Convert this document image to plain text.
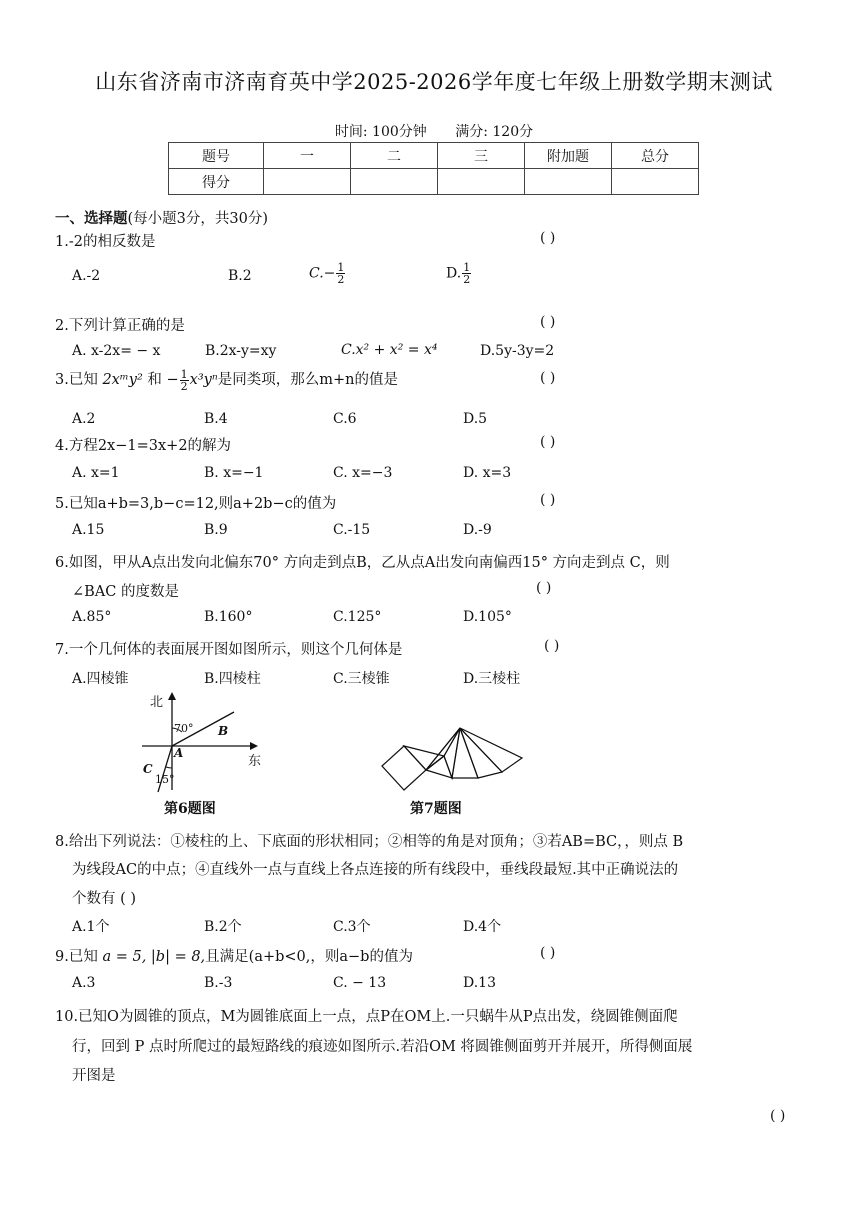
山东省济南市济南育英中学2025-2026学年度七年级上册数学期末测试
时间: 100分钟 满分: 120分
题号	一	二	三	附加题	总分
得分					
一、选择题(每小题3分，共30分)
1.-2的相反数是	( )
A.-2	B.2	$C.- \frac{1}{2}$	D. $\frac{1}{2}$
2.下列计算正确的是	( )
A. x-2x= − x	B.2x-y=xy	C.x² + x² = x⁴	D.5y-3y=2
3.已知 2xᵐy² 和 − $\frac{1}{2} x^3y^n$是同类项，那么m+n的值是	( )
A.2	B.4	C.6	D.5
4.方程2x−1=3x+2的解为	( )
A. x=1	B. x=−1	C. x=−3	D. x=3
5.已知a+b=3,b−c=12,则a+2b−c的值为	( )
A.15	B.9	C.-15	D.-9
6.如图，甲从A点出发向北偏东70° 方向走到点B，乙从点A出发向南偏西15° 方向走到点 C，则
∠BAC 的度数是	( )
A.85°	B.160°	C.125°	D.105°
7.一个几何体的表面展开图如图所示，则这个几何体是	( )
A.四棱锥	B.四棱柱	C.三棱锥	D.三棱柱
北
东
70°
15°
A
B
C
第6题图	第7题图
8.给出下列说法：①棱柱的上、下底面的形状相同；②相等的角是对顶角；③若AB=BC，，则点 B
为线段AC的中点；④直线外一点与直线上各点连接的所有线段中，垂线段最短.其中正确说法的
个数有 ( )
A.1个	B.2个	C.3个	D.4个
9.已知 a = 5, |b| = 8,且满足(a+b<0,，则a−b的值为	( )
A.3	B.-3	C. − 13	D.13
10.已知O为圆锥的顶点，M为圆锥底面上一点，点P在OM上.一只蜗牛从P点出发，绕圆锥侧面爬
行，回到 P 点时所爬过的最短路线的痕迹如图所示.若沿OM 将圆锥侧面剪开并展开，所得侧面展
开图是
( )
